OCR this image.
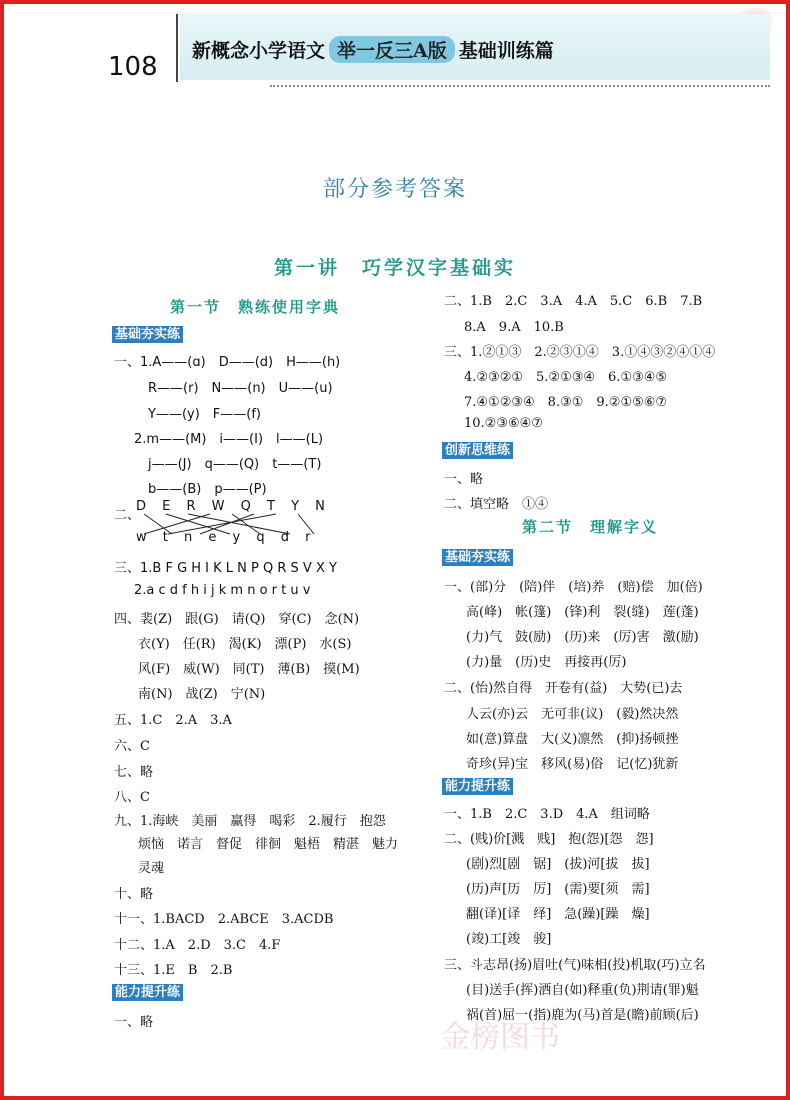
108
新概念小学语文 举一反三A版 基础训练篇
部分参考答案
第一讲　巧学汉字基础实
第一节　熟练使用字典
基础夯实练
一、1.A——(ɑ)　D——(d)　H——(h)
R——(r)　N——(n)　U——(u)
Y——(y)　F——(f)
2.m——(M)　i——(I)　l——(L)
j——(J)　q——(Q)　t——(T)
b——(B)　p——(P)
二、
D E R W Q T Y N
w t n e y q d r
三、1.B F G H I K L N P Q R S V X Y
2.a c d f h i j k m n o r t u v
四、裴(Z)　跟(G)　请(Q)　穿(C)　念(N)
衣(Y)　任(R)　渴(K)　漂(P)　水(S)
风(F)　威(W)　同(T)　薄(B)　摸(M)
南(N)　战(Z)　宁(N)
五、1.C　2.A　3.A
六、C
七、略
八、C
九、1.海峡　美丽　赢得　喝彩　2.履行　抱怨
烦恼　诺言　督促　徘徊　魁梧　精湛　魅力
灵魂
十、略
十一、1.BACD　2.ABCE　3.ACDB
十二、1.A　2.D　3.C　4.F
十三、1.E　B　2.B
能力提升练
一、略
二、1.B　2.C　3.A　4.A　5.C　6.B　7.B
8.A　9.A　10.B
三、1.②①③　2.②③①④　3.①④③②④①④
4.②③②①　5.②①③④　6.①③④⑤
7.④①②③④　8.③①　9.②①⑤⑥⑦
10.②③⑥④⑦
创新思维练
一、略
二、填空略　①④
第二节　理解字义
基础夯实练
一、(部)分　(陪)伴　(培)养　(赔)偿　加(倍)
高(峰)　帐(篷)　(锋)利　裂(缝)　莲(蓬)
(力)气　鼓(励)　(历)来　(厉)害　激(励)
(力)量　(历)史　再接再(厉)
二、(怡)然自得　开卷有(益)　大势(已)去
人云(亦)云　无可非(议)　(毅)然决然
如(意)算盘　大(义)凛然　(抑)扬顿挫
奇珍(异)宝　移风(易)俗　记(忆)犹新
能力提升练
一、1.B　2.C　3.D　4.A　组词略
二、(贱)价[溅　贱]　抱(怨)[怨　怨]
(剧)烈[剧　锯]　(拔)河[拔　拔]
(历)声[历　厉]　(需)要[须　需]
翻(译)[译　绎]　急(躁)[躁　燥]
(竣)工[竣　骏]
三、斗志昂(扬)眉吐(气)味相(投)机取(巧)立名
(目)送手(挥)洒自(如)释重(负)荆请(罪)魁
祸(首)屈一(指)鹿为(马)首是(瞻)前顾(后)
金榜图书
